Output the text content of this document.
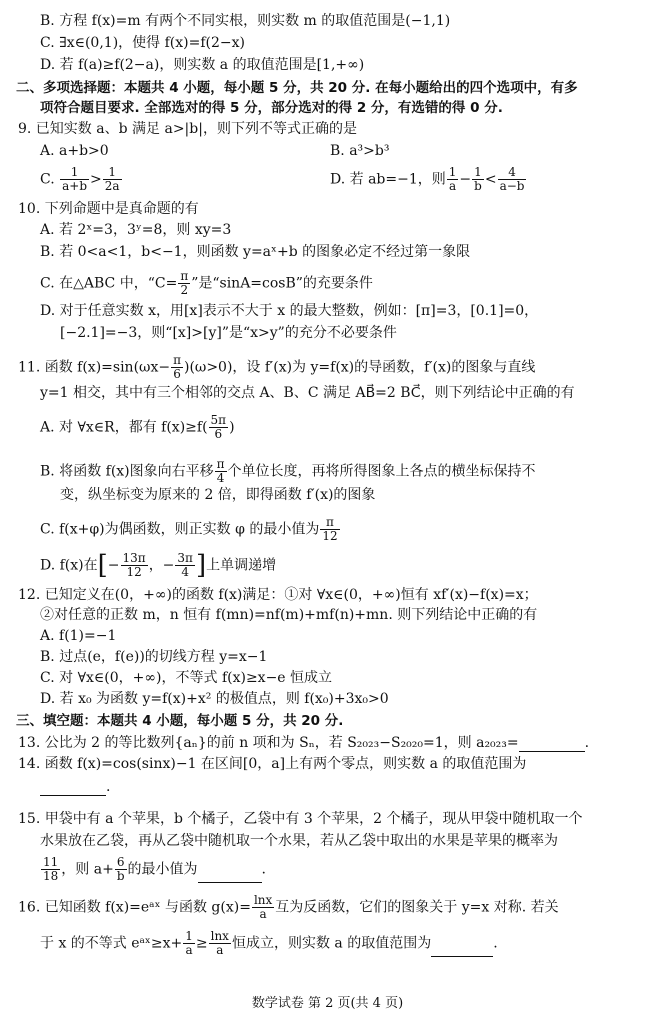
B. 方程 f(x)=m 有两个不同实根，则实数 m 的取值范围是(−1,1)
C. ∃x∈(0,1)，使得 f(x)=f(2−x)
D. 若 f(a)≥f(2−a)，则实数 a 的取值范围是[1,+∞)
二、多项选择题：本题共 4 小题，每小题 5 分，共 20 分. 在每小题给出的四个选项中，有多
项符合题目要求. 全部选对的得 5 分，部分选对的得 2 分，有选错的得 0 分.
9. 已知实数 a、b 满足 a>|b|，则下列不等式正确的是
A. a+b>0	B. a³>b³
C. $\frac{1}{a+b} > \frac{1}{2a}$	D. 若 ab=−1，则 $\frac{1}{a} - \frac{1}{b} < \frac{4}{a-b}$
10. 下列命题中是真命题的有
A. 若 2ˣ=3，3ʸ=8，则 xy=3
B. 若 0<a<1，b<−1，则函数 y=aˣ+b 的图象必定不经过第一象限
C. 在△ABC 中，“$C= \frac{\pi}{2}$ ”是“sinA=cosB”的充要条件
D. 对于任意实数 x，用[x]表示不大于 x 的最大整数，例如：[π]=3，[0.1]=0，
[−2.1]=−3，则“[x]>[y]”是“x>y”的充分不必要条件
11. 函数 $f(x)=\sin(\omega x- \frac{\pi}{6} )(\omega>0)$，设 f′(x)为 y=f(x)的导函数，f′(x)的图象与直线
y=1 相交，其中有三个相邻的交点 A、B、C 满足 AB⃗=2 BC⃗，则下列结论中正确的有
A. 对 ∀x∈R，都有 $f(x)\ge f( \frac{5\pi}{6}$ )
B. 将函数 f(x)图象向右平移 $\frac{\pi}{4}$ 个单位长度，再将所得图象上各点的横坐标保持不
变，纵坐标变为原来的 2 倍，即得函数 f′(x)的图象
C. f(x+φ)为偶函数，则正实数 φ 的最小值为 $\frac{\pi}{12}$
D. f(x)在[− $\frac{13\pi}{12}$ ，− $\frac{3\pi}{4}$ ]上单调递增
12. 已知定义在(0，+∞)的函数 f(x)满足：①对 ∀x∈(0，+∞)恒有 xf′(x)−f(x)=x；
②对任意的正数 m，n 恒有 f(mn)=nf(m)+mf(n)+mn. 则下列结论中正确的有
A. f(1)=−1
B. 过点(e，f(e))的切线方程 y=x−1
C. 对 ∀x∈(0，+∞)，不等式 f(x)≥x−e 恒成立
D. 若 x₀ 为函数 y=f(x)+x² 的极值点，则 f(x₀)+3x₀>0
三、填空题：本题共 4 小题，每小题 5 分，共 20 分.
13. 公比为 2 的等比数列{aₙ}的前 n 项和为 Sₙ，若 S₂₀₂₃−S₂₀₂₀=1，则 a₂₀₂₃=	.
14. 函数 f(x)=cos(sinx)−1 在区间[0，a]上有两个零点，则实数 a 的取值范围为
.
15. 甲袋中有 a 个苹果，b 个橘子，乙袋中有 3 个苹果，2 个橘子，现从甲袋中随机取一个
水果放在乙袋，再从乙袋中随机取一个水果，若从乙袋中取出的水果是苹果的概率为
$\frac{11}{18}$ ，则 $a+ \frac{6}{b}$ 的最小值为	.
16. 已知函数 f(x)=eᵃˣ 与函数 $g(x)= \frac{\ln x}{a}$ 互为反函数，它们的图象关于 y=x 对称. 若关
于 x 的不等式 eᵃˣ≥x+ $\frac{1}{a} \ge \frac{\ln x}{a}$ 恒成立，则实数 a 的取值范围为	.
数学试卷 第 2 页(共 4 页)
